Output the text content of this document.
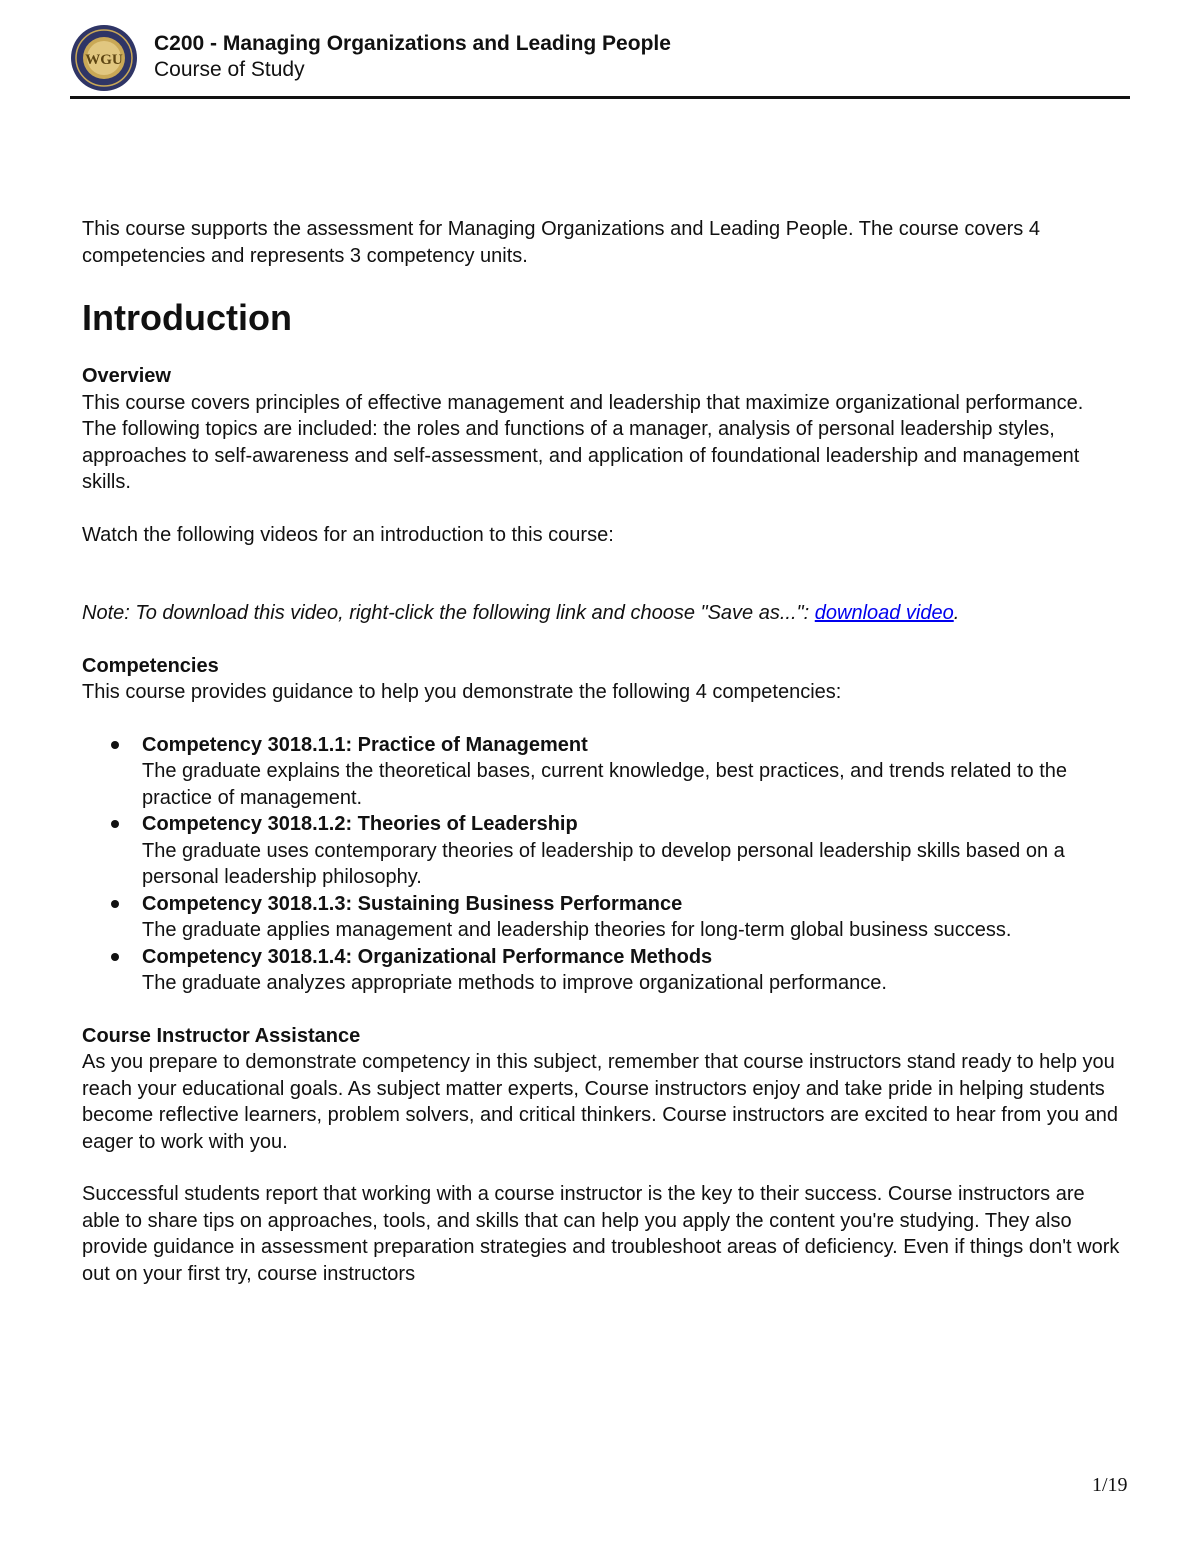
WGU
C200 - Managing Organizations and Leading People
Course of Study

This course supports the assessment for Managing Organizations and Leading People. The course covers 4 competencies and represents 3 competency units.

Introduction
Overview

This course covers principles of effective management and leadership that maximize organizational performance. The following topics are included: the roles and functions of a manager, analysis of personal leadership styles, approaches to self-awareness and self-assessment, and application of foundational leadership and management skills.

Watch the following videos for an introduction to this course:

Note: To download this video, right-click the following link and choose "Save as...": download video.

Competencies

This course provides guidance to help you demonstrate the following 4 competencies:

Competency 3018.1.1: Practice of Management
The graduate explains the theoretical bases, current knowledge, best practices, and trends related to the practice of management.
Competency 3018.1.2: Theories of Leadership
The graduate uses contemporary theories of leadership to develop personal leadership skills based on a personal leadership philosophy.
Competency 3018.1.3: Sustaining Business Performance
The graduate applies management and leadership theories for long-term global business success.
Competency 3018.1.4: Organizational Performance Methods
The graduate analyzes appropriate methods to improve organizational performance.
Course Instructor Assistance

As you prepare to demonstrate competency in this subject, remember that course instructors stand ready to help you reach your educational goals. As subject matter experts, Course instructors enjoy and take pride in helping students become reflective learners, problem solvers, and critical thinkers. Course instructors are excited to hear from you and eager to work with you.

Successful students report that working with a course instructor is the key to their success. Course instructors are able to share tips on approaches, tools, and skills that can help you apply the content you're studying. They also provide guidance in assessment preparation strategies and troubleshoot areas of deficiency. Even if things don't work out on your first try, course instructors

1/19
